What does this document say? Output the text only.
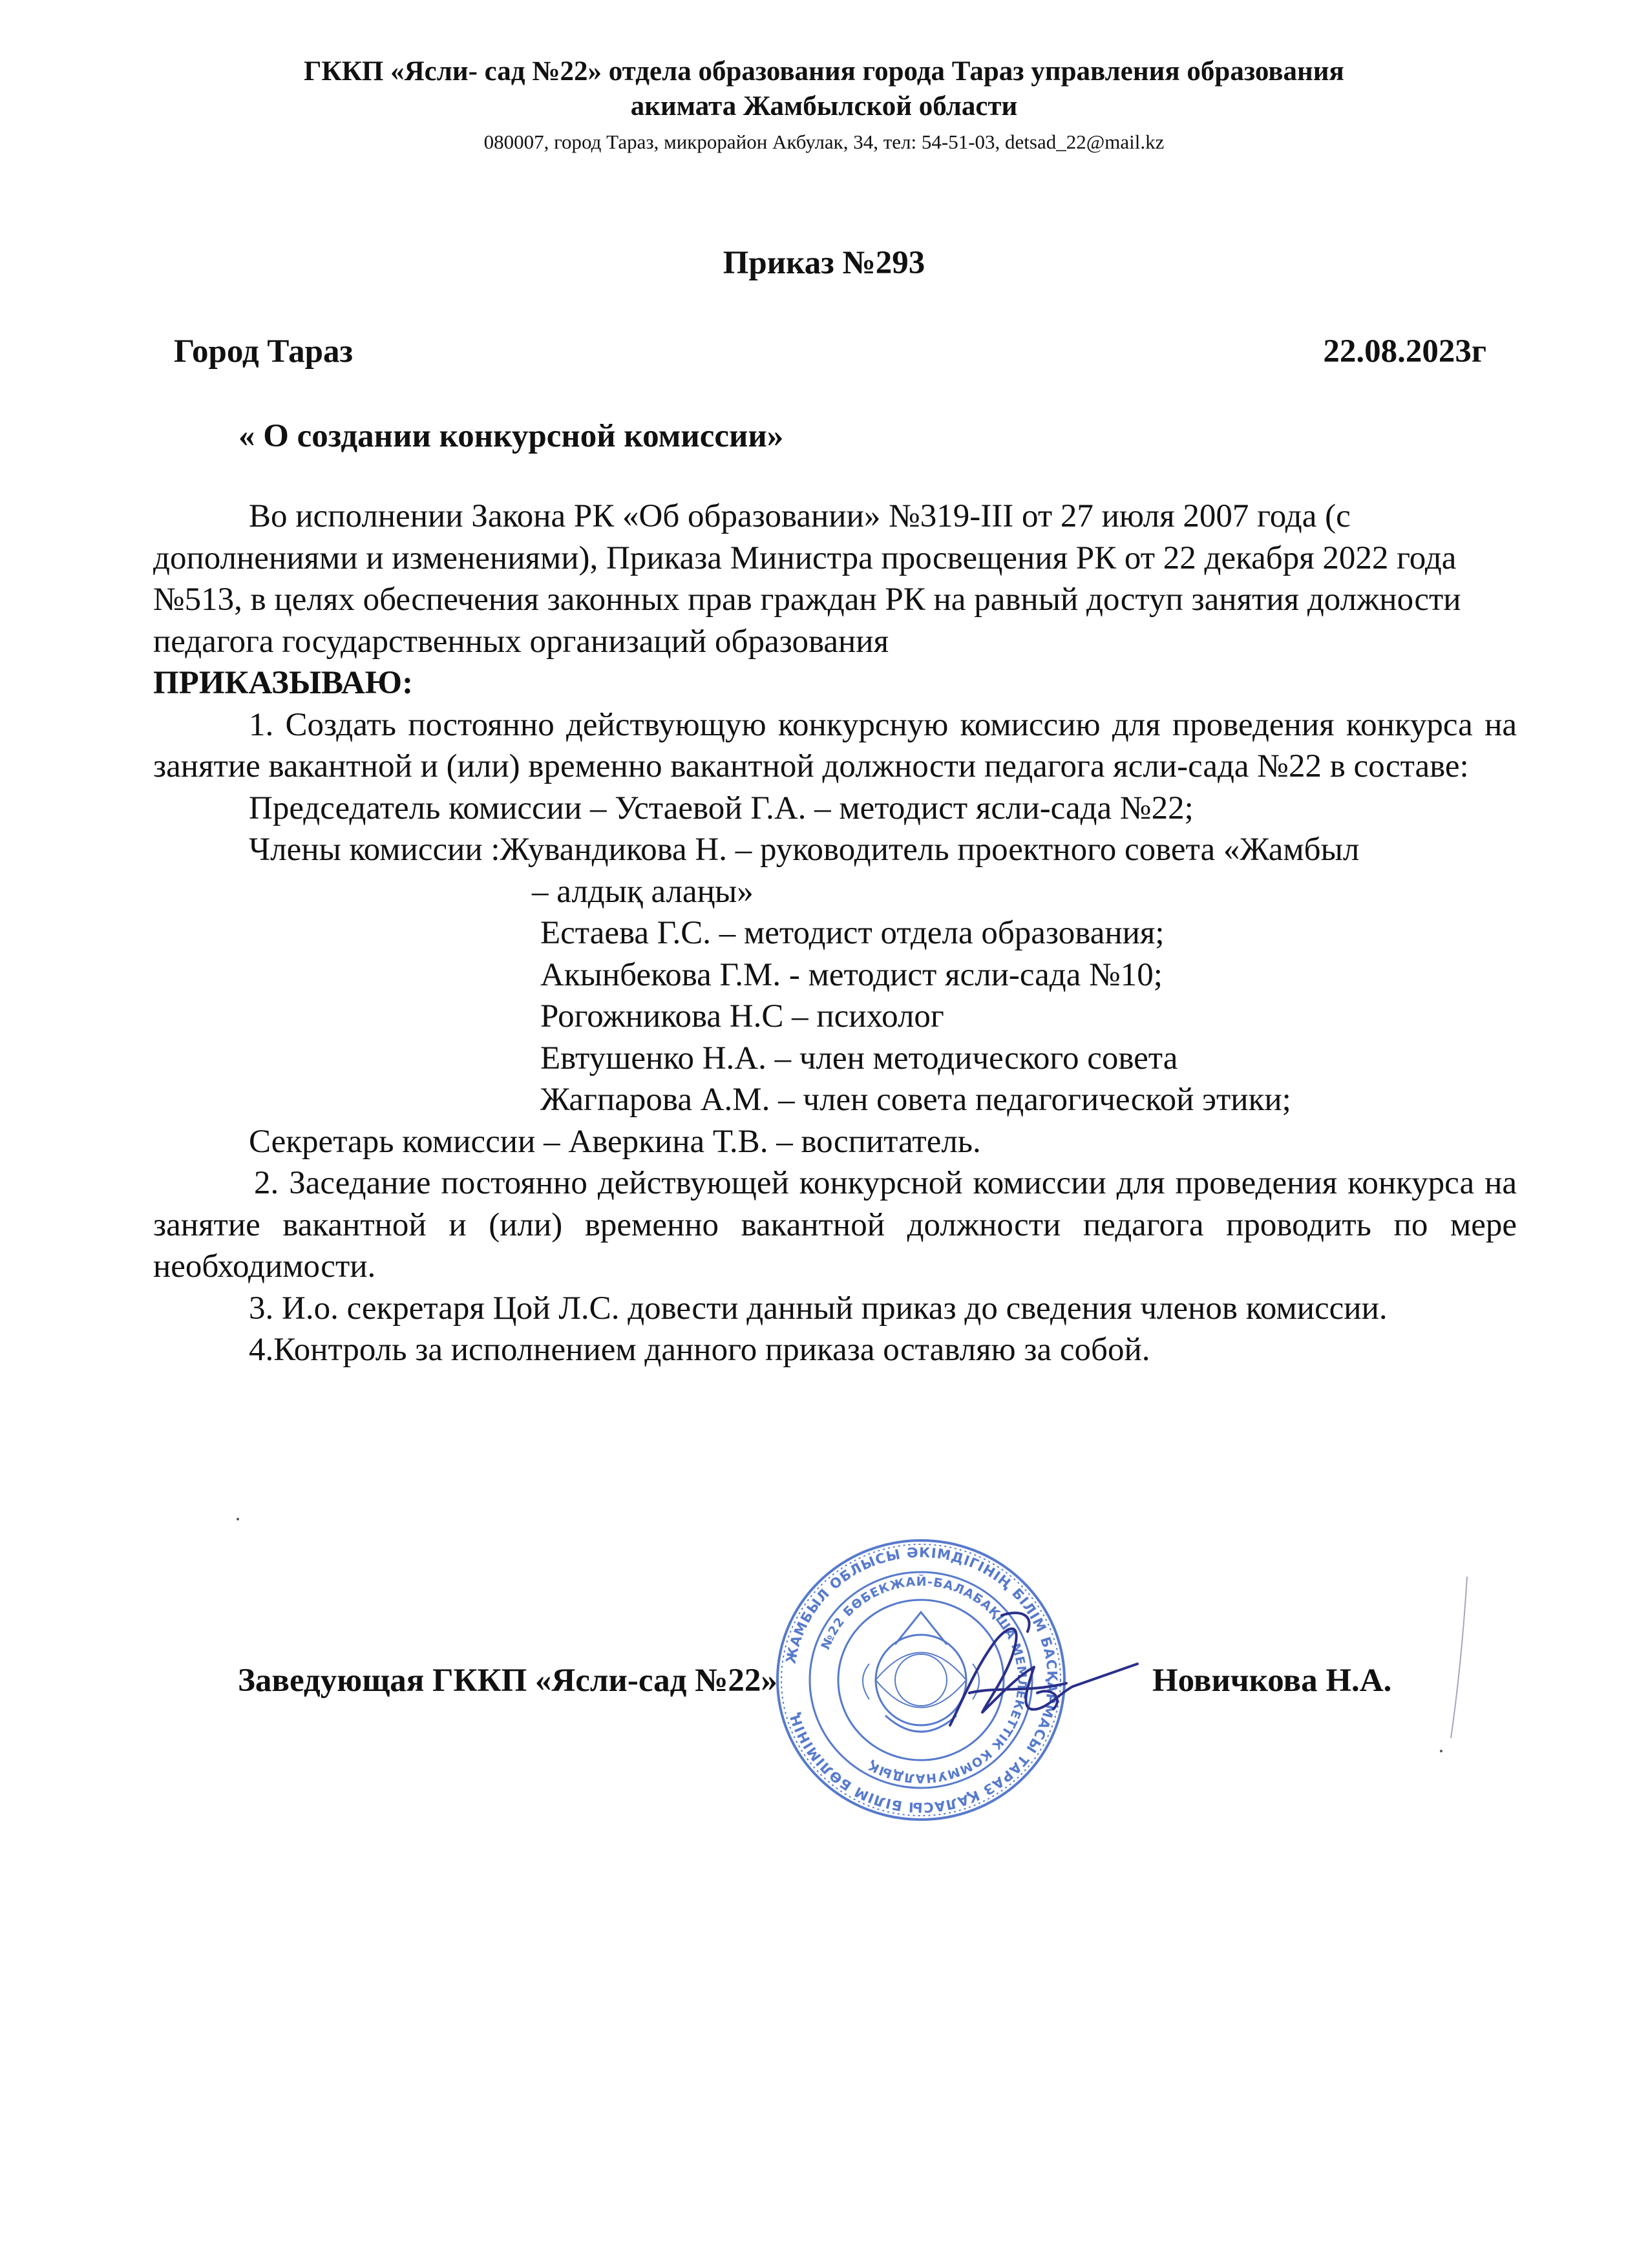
ГККП «Ясли- сад №22» отдела образования города Тараз управления образования
акимата Жамбылской области
080007, город Тараз, микрорайон Акбулак, 34, тел: 54-51-03, detsad_22@mail.kz
Приказ №293
Город Тараз	22.08.2023г
« О создании конкурсной комиссии»

Во исполнении Закона РК «Об образовании» №319-III от 27 июля 2007 года (с дополнениями и изменениями), Приказа Министра просвещения РК от 22 декабря 2022 года №513, в целях обеспечения законных прав граждан РК на равный доступ занятия должности педагога государственных организаций образования

ПРИКАЗЫВАЮ:

1. Создать постоянно действующую конкурсную комиссию для проведения конкурса на занятие вакантной и (или) временно вакантной должности педагога ясли-сада №22 в составе:

Председатель комиссии – Устаевой Г.А. – методист ясли-сада №22;

Члены комиссии : Жувандикова Н. – руководитель проектного совета «Жамбыл

– алдық алаңы»

Естаева Г.С. – методист отдела образования;

Акынбекова Г.М. - методист ясли-сада №10;

Рогожникова Н.С – психолог

Евтушенко Н.А. – член методического совета

Жагпарова А.М. – член совета педагогической этики;

Секретарь комиссии – Аверкина Т.В. – воспитатель.

2. Заседание постоянно действующей конкурсной комиссии для проведения конкурса на занятие вакантной и (или) временно вакантной должности педагога проводить по мере необходимости.

3. И.о. секретаря Цой Л.С. довести данный приказ до сведения членов комиссии.

4.Контроль за исполнением данного приказа оставляю за собой.

ЖАМБЫЛ ОБЛЫСЫ ӘКІМДІГІНІҢ БІЛІМ БАСҚАРМАСЫ ТАРАЗ ҚАЛАСЫ БІЛІМ БӨЛІМІНІҢ
№22 БӨБЕКЖАЙ-БАЛАБАҚША МЕМЛЕКЕТТІК КОММУНАЛДЫҚ
Заведующая ГККП «Ясли-сад №22»	Новичкова Н.А.
